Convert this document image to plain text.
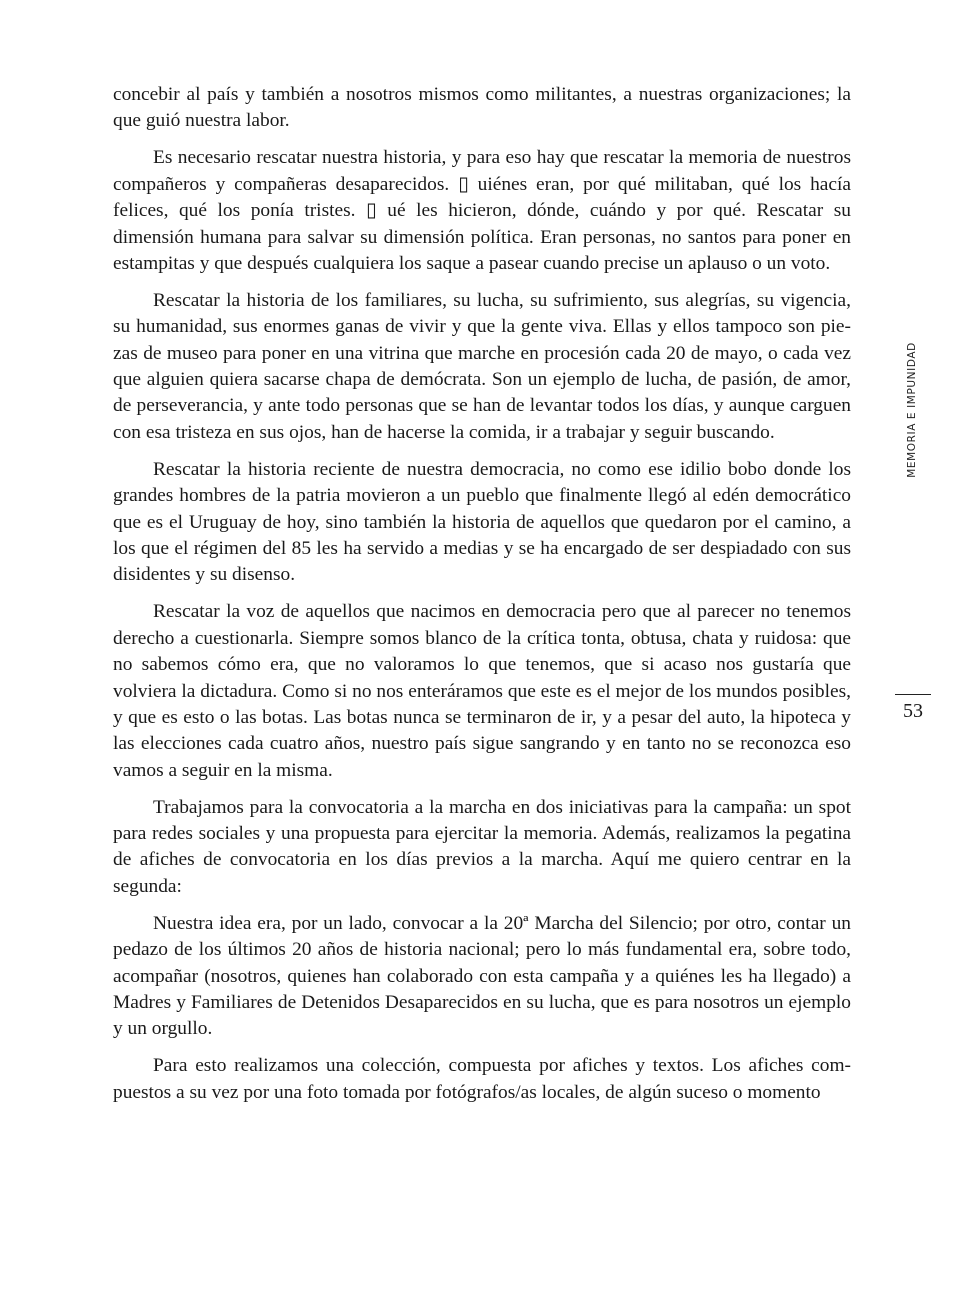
concebir al país y también a nosotros mismos como militantes, a nuestras organizaciones; la que guió nuestra labor.

Es necesario rescatar nuestra historia, y para eso hay que rescatar la memoria de nuestros compañeros y compañeras desaparecidos. ▯ uiénes eran, por qué militaban, qué los hacía felices, qué los ponía tristes. ▯ ué les hicieron, dónde, cuándo y por qué. Rescatar su dimensión humana para salvar su dimensión política. Eran personas, no santos para poner en estampitas y que después cualquiera los saque a pasear cuando precise un aplauso o un voto.

Rescatar la historia de los familiares, su lucha, su sufrimiento, sus alegrías, su vigencia, su humanidad, sus enormes ganas de vivir y que la gente viva. Ellas y ellos tampoco son piezas de museo para poner en una vitrina que marche en procesión cada 20 de mayo, o cada vez que alguien quiera sacarse chapa de demócrata. Son un ejemplo de lucha, de pasión, de amor, de perseverancia, y ante todo personas que se han de levantar todos los días, y aunque carguen con esa tristeza en sus ojos, han de hacerse la comida, ir a trabajar y seguir buscando.

Rescatar la historia reciente de nuestra democracia, no como ese idilio bobo donde los grandes hombres de la patria movieron a un pueblo que finalmente llegó al edén democrático que es el Uruguay de hoy, sino también la historia de aquellos que quedaron por el camino, a los que el régimen del 85 les ha servido a medias y se ha encargado de ser despiadado con sus disidentes y su disenso.

Rescatar la voz de aquellos que nacimos en democracia pero que al parecer no tenemos derecho a cuestionarla. Siempre somos blanco de la crítica tonta, obtusa, chata y ruidosa: que no sabemos cómo era, que no valoramos lo que tenemos, que si acaso nos gustaría que volviera la dictadura. Como si no nos enteráramos que este es el mejor de los mundos posibles, y que es esto o las botas. Las botas nunca se terminaron de ir, y a pesar del auto, la hipoteca y las elecciones cada cuatro años, nuestro país sigue sangrando y en tanto no se reconozca eso vamos a seguir en la misma.

Trabajamos para la convocatoria a la marcha en dos iniciativas para la campaña: un spot para redes sociales y una propuesta para ejercitar la memoria. Además, realizamos la pegatina de afiches de convocatoria en los días previos a la marcha. Aquí me quiero centrar en la segunda:

Nuestra idea era, por un lado, convocar a la 20ª Marcha del Silencio; por otro, contar un pedazo de los últimos 20 años de historia nacional; pero lo más fundamental era, sobre todo, acompañar (nosotros, quienes han colaborado con esta campaña y a quiénes les ha llegado) a Madres y Familiares de Detenidos Desaparecidos en su lucha, que es para nosotros un ejemplo y un orgullo.

Para esto realizamos una colección, compuesta por afiches y textos. Los afiches compuestos a su vez por una foto tomada por fotógrafos/as locales, de algún suceso o momento

MEMORIA E IMPUNIDAD
53
